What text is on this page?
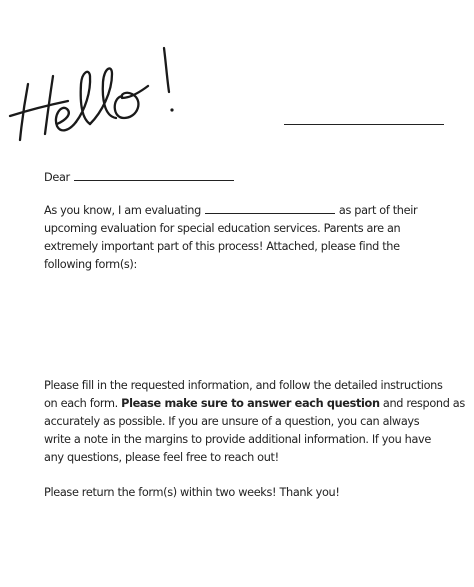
Dear
As you know, I am evaluating	as part of their
upcoming evaluation for special education services. Parents are an
extremely important part of this process! Attached, please find the
following form(s):
Please fill in the requested information, and follow the detailed instructions
on each form. Please make sure to answer each question and respond as
accurately as possible. If you are unsure of a question, you can always
write a note in the margins to provide additional information. If you have
any questions, please feel free to reach out!
Please return the form(s) within two weeks! Thank you!
